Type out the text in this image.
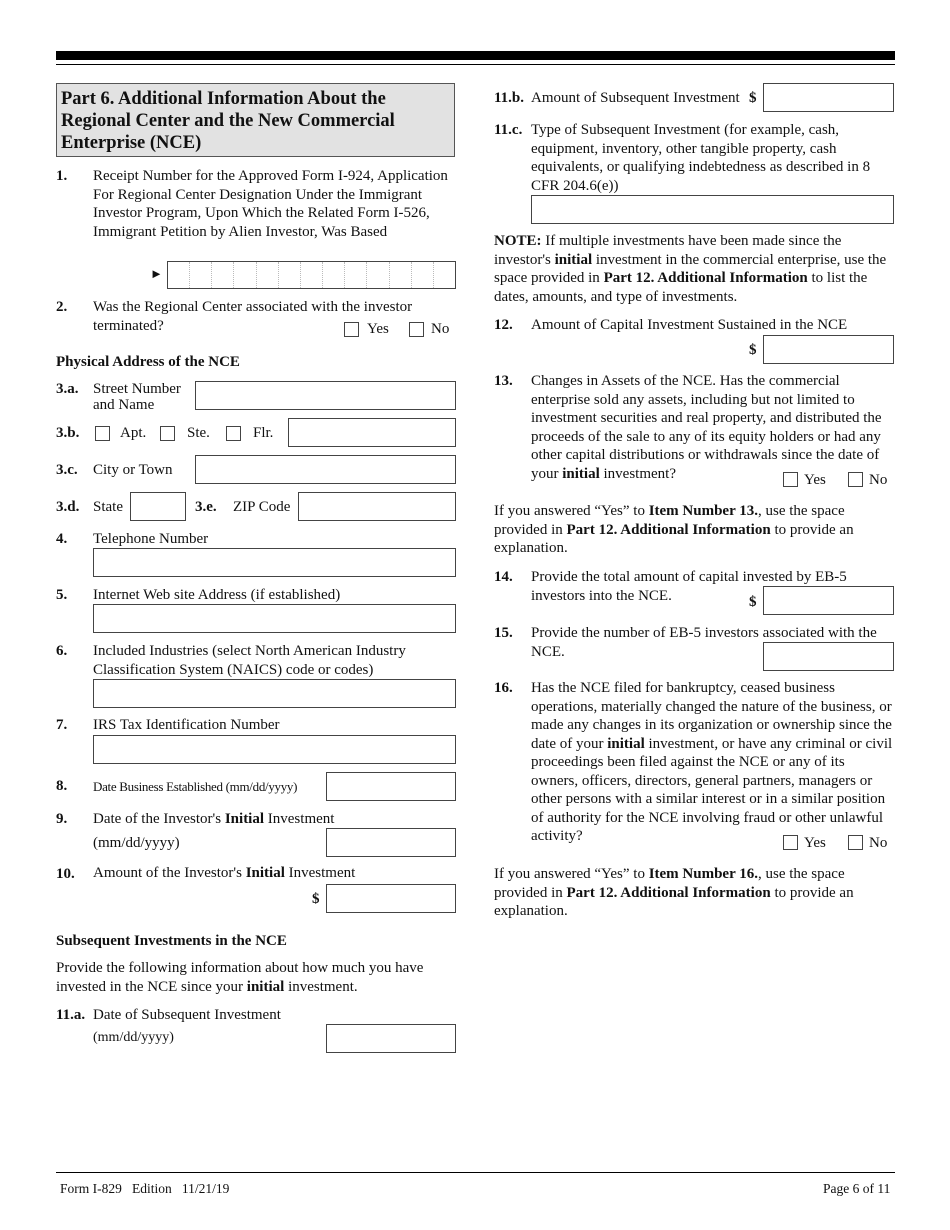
Part 6. Additional Information About the Regional Center and the New Commercial Enterprise (NCE)
1. Receipt Number for the Approved Form I-924, Application For Regional Center Designation Under the Immigrant Investor Program, Upon Which the Related Form I-526, Immigrant Petition by Alien Investor, Was Based
►
2. Was the Regional Center associated with the investor terminated?	Yes	No
Physical Address of the NCE
3.a. Street Number
and Name
3.b.	Apt.	Ste.	Flr.
3.c. City or Town
3.d. State	3.e. ZIP Code
4. Telephone Number
5. Internet Web site Address (if established)
6. Included Industries (select North American Industry Classification System (NAICS) code or codes)
7. IRS Tax Identification Number
8. Date Business Established (mm/dd/yyyy)
9. Date of the Investor's Initial Investment
(mm/dd/yyyy)
10. Amount of the Investor's Initial Investment
$
Subsequent Investments in the NCE
Provide the following information about how much you have invested in the NCE since your initial investment.
11.a. Date of Subsequent Investment
(mm/dd/yyyy)
11.b. Amount of Subsequent Investment $
11.c. Type of Subsequent Investment (for example, cash, equipment, inventory, other tangible property, cash equivalents, or qualifying indebtedness as described in 8 CFR 204.6(e))
NOTE: If multiple investments have been made since the investor's initial investment in the commercial enterprise, use the space provided in Part 12. Additional Information to list the dates, amounts, and type of investments.
12. Amount of Capital Investment Sustained in the NCE
$
13. Changes in Assets of the NCE. Has the commercial enterprise sold any assets, including but not limited to investment securities and real property, and distributed the proceeds of the sale to any of its equity holders or had any other capital distributions or withdrawals since the date of your initial investment?	Yes	No
If you answered “Yes” to Item Number 13., use the space provided in Part 12. Additional Information to provide an explanation.
14. Provide the total amount of capital invested by EB-5 investors into the NCE.	$
15. Provide the number of EB-5 investors associated with the NCE.
16. Has the NCE filed for bankruptcy, ceased business operations, materially changed the nature of the business, or made any changes in its organization or ownership since the date of your initial investment, or have any criminal or civil proceedings been filed against the NCE or any of its owners, officers, directors, general partners, managers or other persons with a similar interest or in a similar position of authority for the NCE involving fraud or other unlawful activity?	Yes	No
If you answered “Yes” to Item Number 16., use the space provided in Part 12. Additional Information to provide an explanation.
Form I-829   Edition   11/21/19	Page 6 of 11
